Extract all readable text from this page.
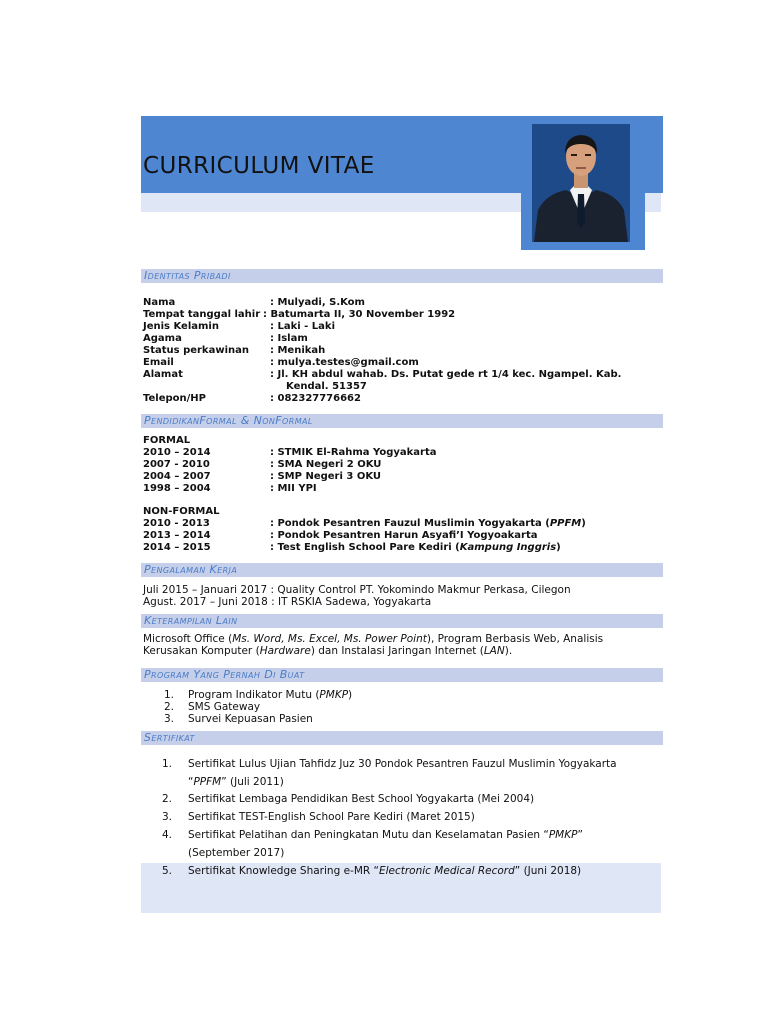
CURRICULUM VITAE
Identitas Pribadi
Nama	: Mulyadi, S.Kom
Tempat tanggal lahir : Batumarta II, 30 November 1992
Jenis Kelamin	: Laki - Laki
Agama	: Islam
Status perkawinan : Menikah
Email	: mulya.testes@gmail.com
Alamat	: Jl. KH abdul wahab. Ds. Putat gede rt 1/4 kec. Ngampel. Kab.
Kendal. 51357
Telepon/HP	: 082327776662
PendidikanFormal & NonFormal
FORMAL
2010 – 2014	: STMIK El-Rahma Yogyakarta
2007 - 2010	: SMA Negeri 2 OKU
2004 – 2007	: SMP Negeri 3 OKU
1998 – 2004	: MII YPI
NON-FORMAL
2010 - 2013	: Pondok Pesantren Fauzul Muslimin Yogyakarta (PPFM)
2013 – 2014	: Pondok Pesantren Harun Asyafi’I Yogyoakarta
2014 – 2015	: Test English School Pare Kediri (Kampung Inggris)
Pengalaman Kerja
Juli 2015 – Januari 2017 : Quality Control PT. Yokomindo Makmur Perkasa, Cilegon
Agust. 2017 – Juni 2018 : IT RSKIA Sadewa, Yogyakarta
Keterampilan Lain
Microsoft Office (Ms. Word, Ms. Excel, Ms. Power Point), Program Berbasis Web, Analisis
Kerusakan Komputer (Hardware) dan Instalasi Jaringan Internet (LAN).
Program Yang Pernah Di Buat
1. Program Indikator Mutu (PMKP)
2. SMS Gateway
3. Survei Kepuasan Pasien
Sertifikat
1. Sertifikat Lulus Ujian Tahfidz Juz 30 Pondok Pesantren Fauzul Muslimin Yogyakarta
“PPFM” (Juli 2011)
2. Sertifikat Lembaga Pendidikan Best School Yogyakarta (Mei 2004)
3. Sertifikat TEST-English School Pare Kediri (Maret 2015)
4. Sertifikat Pelatihan dan Peningkatan Mutu dan Keselamatan Pasien “PMKP”
(September 2017)
5. Sertifikat Knowledge Sharing e-MR “Electronic Medical Record” (Juni 2018)
